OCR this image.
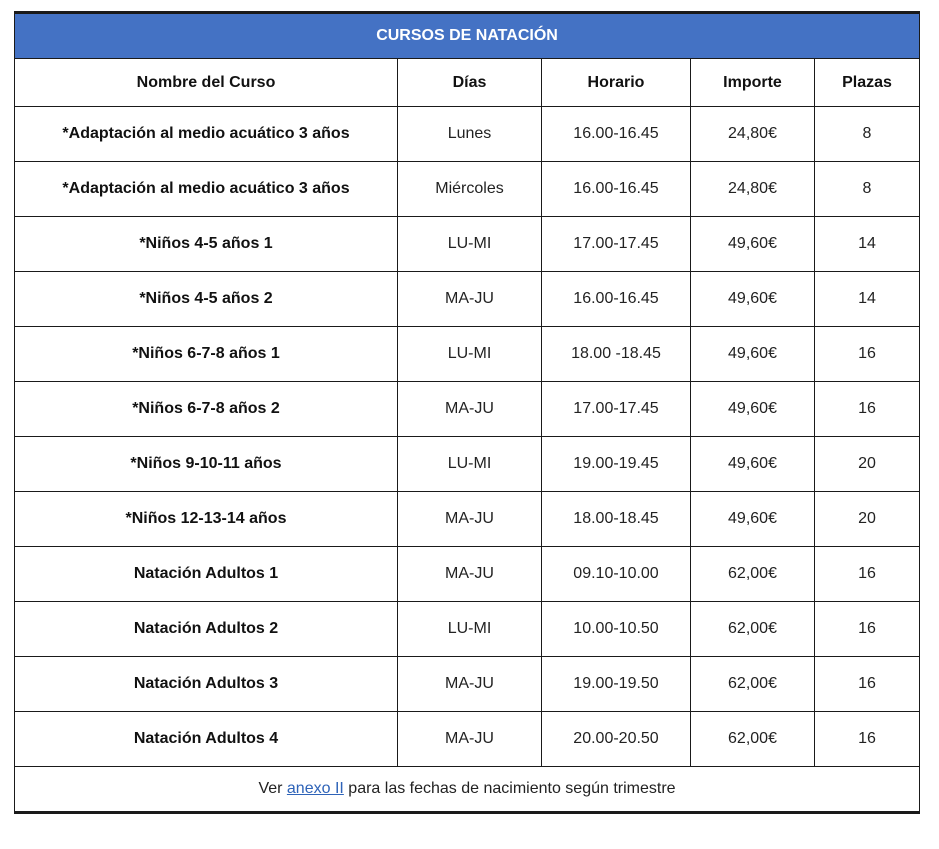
CURSOS DE NATACIÓN				
Nombre del Curso	Días	Horario	Importe	Plazas
*Adaptación al medio acuático 3 años	Lunes	16.00-16.45	24,80€	8
*Adaptación al medio acuático 3 años	Miércoles	16.00-16.45	24,80€	8
*Niños 4-5 años 1	LU-MI	17.00-17.45	49,60€	14
*Niños 4-5 años 2	MA-JU	16.00-16.45	49,60€	14
*Niños 6-7-8 años 1	LU-MI	18.00 -18.45	49,60€	16
*Niños 6-7-8 años 2	MA-JU	17.00-17.45	49,60€	16
*Niños 9-10-11 años	LU-MI	19.00-19.45	49,60€	20
*Niños 12-13-14 años	MA-JU	18.00-18.45	49,60€	20
Natación Adultos 1	MA-JU	09.10-10.00	62,00€	16
Natación Adultos 2	LU-MI	10.00-10.50	62,00€	16
Natación Adultos 3	MA-JU	19.00-19.50	62,00€	16
Natación Adultos 4	MA-JU	20.00-20.50	62,00€	16
Ver anexo II para las fechas de nacimiento según trimestre				
